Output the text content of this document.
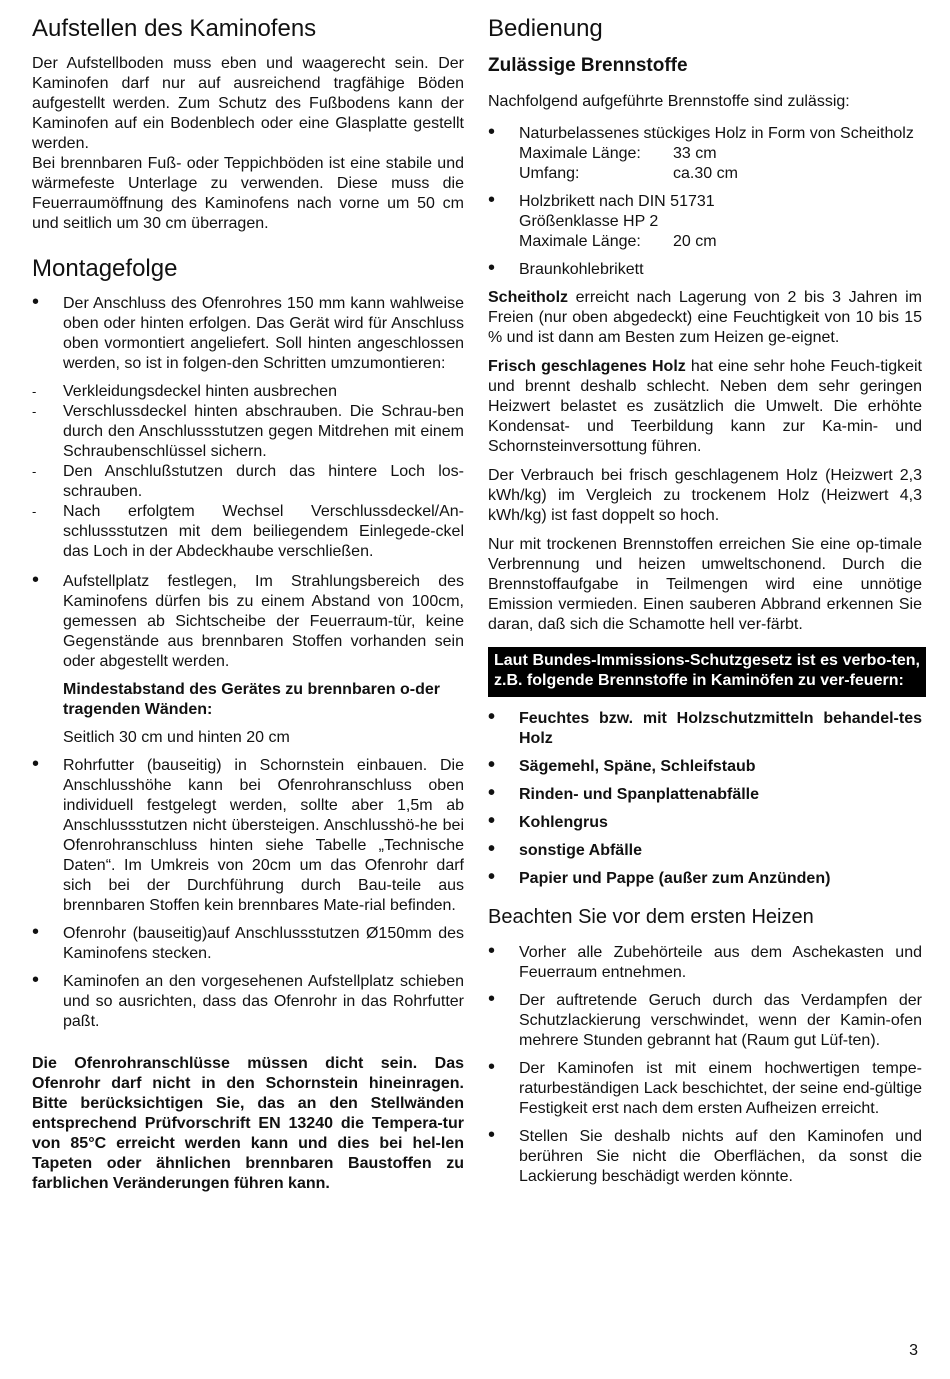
Aufstellen des Kaminofens

Der Aufstellboden muss eben und waagerecht sein. Der Kaminofen darf nur auf ausreichend tragfähige Böden aufgestellt werden. Zum Schutz des Fußbodens kann der Kaminofen auf ein Bodenblech oder eine Glasplatte gestellt werden.

Bei brennbaren Fuß- oder Teppichböden ist eine stabile und wärmefeste Unterlage zu verwenden. Diese muss die Feuerraumöffnung des Kaminofens nach vorne um 50 cm und seitlich um 30 cm überragen.

Montagefolge
• Der Anschluss des Ofenrohres 150 mm kann wahlweise oben oder hinten erfolgen. Das Gerät wird für Anschluss oben vormontiert angeliefert. Soll hinten angeschlossen werden, so ist in folgen-den Schritten umzumontieren:
- Verkleidungsdeckel hinten ausbrechen
- Verschlussdeckel hinten abschrauben. Die Schrau-ben durch den Anschlussstutzen gegen Mitdrehen mit einem Schraubenschlüssel sichern.
- Den Anschlußstutzen durch das hintere Loch los-schrauben.
- Nach erfolgtem Wechsel Verschlussdeckel/An-schlussstutzen mit dem beiliegendem Einlegede-ckel das Loch in der Abdeckhaube verschließen.
• Aufstellplatz festlegen, Im Strahlungsbereich des Kaminofens dürfen bis zu einem Abstand von 100cm, gemessen ab Sichtscheibe der Feuerraum-tür, keine Gegenstände aus brennbaren Stoffen vorhanden sein oder abgestellt werden.
Mindestabstand des Gerätes zu brennbaren o-der tragenden Wänden:
Seitlich 30 cm und hinten 20 cm
• Rohrfutter (bauseitig) in Schornstein einbauen. Die Anschlusshöhe kann bei Ofenrohranschluss oben individuell festgelegt werden, sollte aber 1,5m ab Anschlussstutzen nicht übersteigen. Anschlusshö-he bei Ofenrohranschluss hinten siehe Tabelle „Technische Daten“. Im Umkreis von 20cm um das Ofenrohr darf sich bei der Durchführung durch Bau-teile aus brennbaren Stoffen kein brennbares Mate-rial befinden.
• Ofenrohr (bauseitig)auf Anschlussstutzen Ø150mm des Kaminofens stecken.
• Kaminofen an den vorgesehenen Aufstellplatz schieben und so ausrichten, dass das Ofenrohr in das Rohrfutter paßt.

Die Ofenrohranschlüsse müssen dicht sein. Das Ofenrohr darf nicht in den Schornstein hineinragen. Bitte berücksichtigen Sie, das an den Stellwänden entsprechend Prüfvorschrift EN 13240 die Tempera-tur von 85°C erreicht werden kann und dies bei hel-len Tapeten oder ähnlichen brennbaren Baustoffen zu farblichen Veränderungen führen kann.

Bedienung
Zulässige Brennstoffe

Nachfolgend aufgeführte Brennstoffe sind zulässig:

• Naturbelassenes stückiges Holz in Form von Scheitholz
Maximale Länge:	33 cm
Umfang:	ca.30 cm
• Holzbrikett nach DIN 51731
Größenklasse HP 2
Maximale Länge:	20 cm
• Braunkohlebrikett

Scheitholz erreicht nach Lagerung von 2 bis 3 Jahren im Freien (nur oben abgedeckt) eine Feuchtigkeit von 10 bis 15 % und ist dann am Besten zum Heizen ge-eignet.

Frisch geschlagenes Holz hat eine sehr hohe Feuch-tigkeit und brennt deshalb schlecht. Neben dem sehr geringen Heizwert belastet es zusätzlich die Umwelt. Die erhöhte Kondensat- und Teerbildung kann zur Ka-min- und Schornsteinversottung führen.

Der Verbrauch bei frisch geschlagenem Holz (Heizwert 2,3 kWh/kg) im Vergleich zu trockenem Holz (Heizwert 4,3 kWh/kg) ist fast doppelt so hoch.

Nur mit trockenen Brennstoffen erreichen Sie eine op-timale Verbrennung und heizen umweltschonend. Durch die Brennstoffaufgabe in Teilmengen wird eine unnötige Emission vermieden. Einen sauberen Abbrand erkennen Sie daran, daß sich die Schamotte hell ver-färbt.

Laut Bundes-Immissions-Schutzgesetz ist es verbo-ten, z.B. folgende Brennstoffe in Kaminöfen zu ver-feuern:
• Feuchtes bzw. mit Holzschutzmitteln behandel-tes Holz
• Sägemehl, Späne, Schleifstaub
• Rinden- und Spanplattenabfälle
• Kohlengrus
• sonstige Abfälle
• Papier und Pappe (außer zum Anzünden)
Beachten Sie vor dem ersten Heizen
• Vorher alle Zubehörteile aus dem Aschekasten und Feuerraum entnehmen.
• Der auftretende Geruch durch das Verdampfen der Schutzlackierung verschwindet, wenn der Kamin-ofen mehrere Stunden gebrannt hat (Raum gut Lüf-ten).
• Der Kaminofen ist mit einem hochwertigen tempe-raturbeständigen Lack beschichtet, der seine end-gültige Festigkeit erst nach dem ersten Aufheizen erreicht.
• Stellen Sie deshalb nichts auf den Kaminofen und berühren Sie nicht die Oberflächen, da sonst die Lackierung beschädigt werden könnte.
3
